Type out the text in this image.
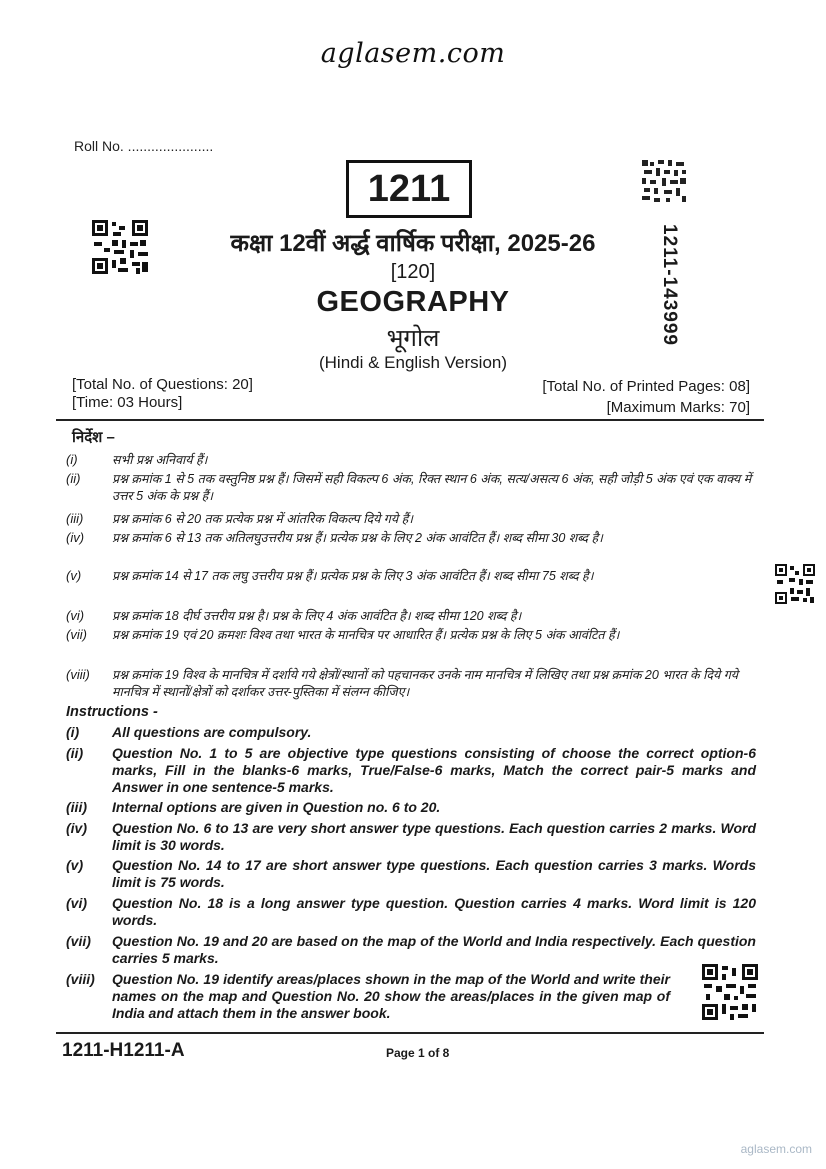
aglasem.com
Roll No. ......................
1211
1211-143999
कक्षा 12वीं अर्द्ध वार्षिक परीक्षा, 2025-26
[120]
GEOGRAPHY
भूगोल
(Hindi & English Version)
[Total No. of Questions: 20]
[Time: 03 Hours]
[Total No. of Printed Pages: 08]
[Maximum Marks: 70]
निर्देश –
(i)	सभी प्रश्न अनिवार्य हैं।
(ii)	प्रश्न क्रमांक 1 से 5 तक वस्तुनिष्ठ प्रश्न हैं। जिसमें सही विकल्प 6 अंक, रिक्त स्थान 6 अंक, सत्य/असत्य 6 अंक, सही जोड़ी 5 अंक एवं एक वाक्य में उत्तर 5 अंक के प्रश्न हैं।
(iii)	प्रश्न क्रमांक 6 से 20 तक प्रत्येक प्रश्न में आंतरिक विकल्प दिये गये हैं।
(iv)	प्रश्न क्रमांक 6 से 13 तक अतिलघुउत्तरीय प्रश्न हैं। प्रत्येक प्रश्न के लिए 2 अंक आवंटित हैं। शब्द सीमा 30 शब्द है।
(v)	प्रश्न क्रमांक 14 से 17 तक लघु उत्तरीय प्रश्न हैं। प्रत्येक प्रश्न के लिए 3 अंक आवंटित हैं। शब्द सीमा 75 शब्द है।
(vi)	प्रश्न क्रमांक 18 दीर्घ उत्तरीय प्रश्न है। प्रश्न के लिए 4 अंक आवंटित है। शब्द सीमा 120 शब्द है।
(vii)	प्रश्न क्रमांक 19 एवं 20 क्रमशः विश्व तथा भारत के मानचित्र पर आधारित हैं। प्रत्येक प्रश्न के लिए 5 अंक आवंटित हैं।
(viii)	प्रश्न क्रमांक 19 विश्व के मानचित्र में दर्शाये गये क्षेत्रों/स्थानों को पहचानकर उनके नाम मानचित्र में लिखिए तथा प्रश्न क्रमांक 20 भारत के दिये गये मानचित्र में स्थानों/क्षेत्रों को दर्शाकर उत्तर-पुस्तिका में संलग्न कीजिए।
Instructions -
(i)	All questions are compulsory.
(ii)	Question No. 1 to 5 are objective type questions consisting of choose the correct option-6 marks, Fill in the blanks-6 marks, True/False-6 marks, Match the correct pair-5 marks and Answer in one sentence-5 marks.
(iii)	Internal options are given in Question no. 6 to 20.
(iv)	Question No. 6 to 13 are very short answer type questions. Each question carries 2 marks. Word limit is 30 words.
(v)	Question No. 14 to 17 are short answer type questions. Each question carries 3 marks. Words limit is 75 words.
(vi)	Question No. 18 is a long answer type question. Question carries 4 marks. Word limit is 120 words.
(vii)	Question No. 19 and 20 are based on the map of the World and India respectively. Each question carries 5 marks.
(viii)	Question No. 19 identify areas/places shown in the map of the World and write their names on the map and Question No. 20 show the areas/places in the given map of India and attach them in the answer book.
1211-H1211-A	Page 1 of 8
aglasem.com
